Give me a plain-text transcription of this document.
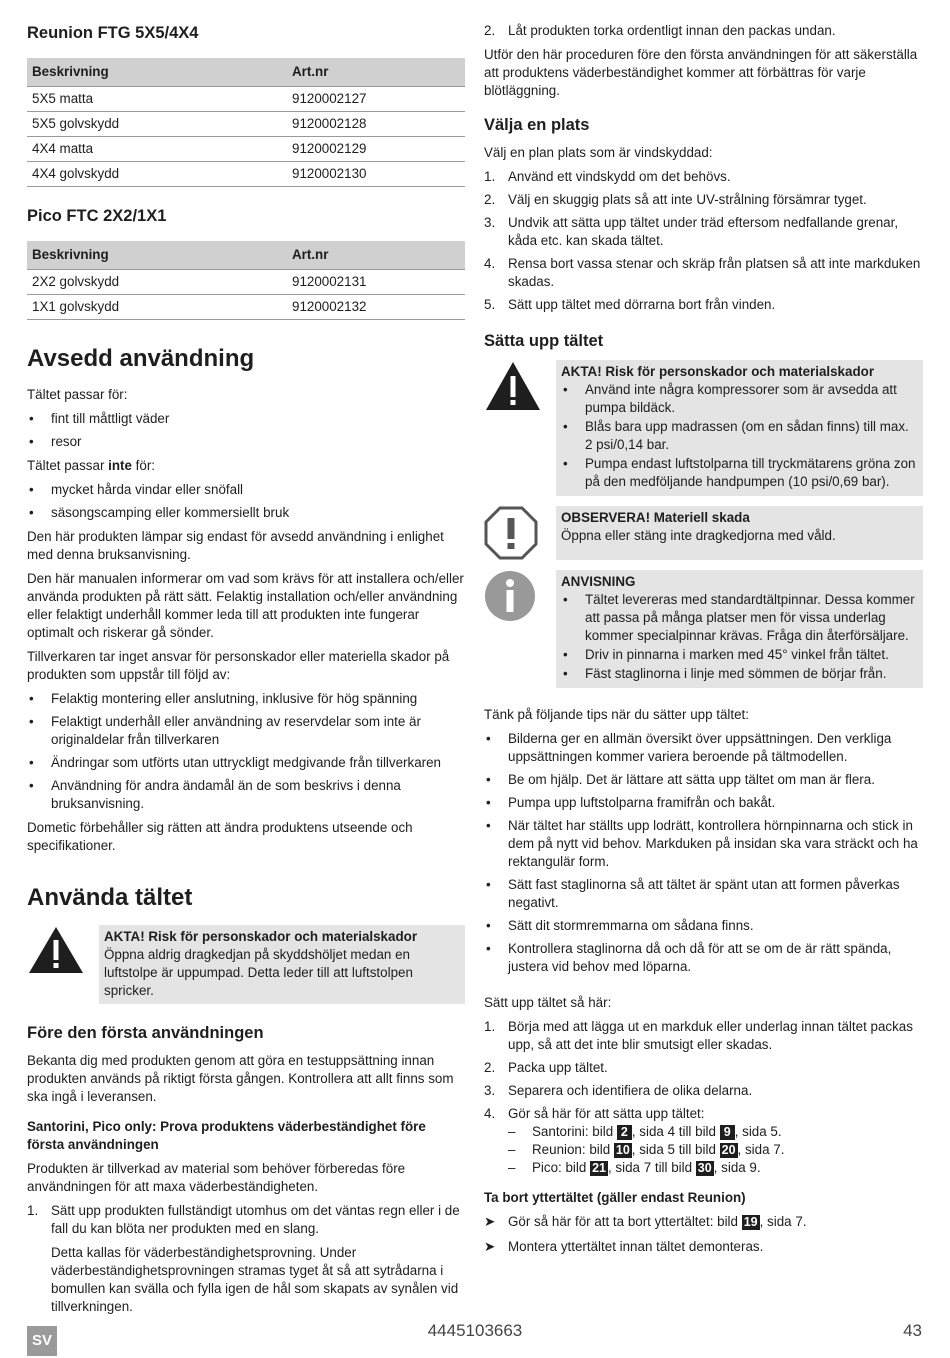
Reunion FTG 5X5/4X4
Beskrivning	Art.nr
5X5 matta	9120002127
5X5 golvskydd	9120002128
4X4 matta	9120002129
4X4 golvskydd	9120002130
Pico FTC 2X2/1X1
Beskrivning	Art.nr
2X2 golvskydd	9120002131
1X1 golvskydd	9120002132
Avsedd användning

Tältet passar för:

• fint till måttligt väder
• resor

Tältet passar inte för:

• mycket hårda vindar eller snöfall
• säsongscamping eller kommersiellt bruk

Den här produkten lämpar sig endast för avsedd användning i enlighet med denna bruksanvisning.

Den här manualen informerar om vad som krävs för att installera och/eller använda produkten på rätt sätt. Felaktig installation och/eller användning eller felaktigt underhåll kommer leda till att produkten inte fungerar optimalt och riskerar gå sönder.

Tillverkaren tar inget ansvar för personskador eller materiella skador på produkten som uppstår till följd av:

• Felaktig montering eller anslutning, inklusive för hög spänning
• Felaktigt underhåll eller användning av reservdelar som inte är originaldelar från tillverkaren
• Ändringar som utförts utan uttryckligt medgivande från tillverkaren
• Användning för andra ändamål än de som beskrivs i denna bruksanvisning.

Dometic förbehåller sig rätten att ändra produktens utseende och specifikationer.

Använda tältet
AKTA! Risk för personskador och materialskador
Öppna aldrig dragkedjan på skyddshöljet medan en luftstolpe är uppumpad. Detta leder till att luftstolpen spricker.
Före den första användningen

Bekanta dig med produkten genom att göra en testuppsättning innan produkten används på riktigt första gången. Kontrollera att allt finns som ska ingå i leveransen.

Santorini, Pico only: Prova produktens väderbeständighet före första användningen

Produkten är tillverkad av material som behöver förberedas före användningen för att maxa väderbeständigheten.

1. Sätt upp produkten fullständigt utomhus om det väntas regn eller i de fall du kan blöta ner produkten med en slang.
Detta kallas för väderbeständighetsprovning. Under väderbeständighetsprovningen stramas tyget åt så att sytrådarna i bomullen kan svälla och fylla igen de hål som skapats av synålen vid tillverkningen.
2. Låt produkten torka ordentligt innan den packas undan.

Utför den här proceduren före den första användningen för att säkerställa att produktens väderbeständighet kommer att förbättras för varje blötläggning.

Välja en plats

Välj en plan plats som är vindskyddad:

1. Använd ett vindskydd om det behövs.
2. Välj en skuggig plats så att inte UV-strålning försämrar tyget.
3. Undvik att sätta upp tältet under träd eftersom nedfallande grenar, kåda etc. kan skada tältet.
4. Rensa bort vassa stenar och skräp från platsen så att inte markduken skadas.
5. Sätt upp tältet med dörrarna bort från vinden.
Sätta upp tältet
AKTA! Risk för personskador och materialskador
• Använd inte några kompressorer som är avsedda att pumpa bildäck.
• Blås bara upp madrassen (om en sådan finns) till max. 2 psi/0,14 bar.
• Pumpa endast luftstolparna till tryckmätarens gröna zon på den medföljande handpumpen (10 psi/0,69 bar).
OBSERVERA! Materiell skada
Öppna eller stäng inte dragkedjorna med våld.
ANVISNING
• Tältet levereras med standardtältpinnar. Dessa kommer att passa på många platser men för vissa underlag kommer specialpinnar krävas. Fråga din återförsäljare.
• Driv in pinnarna i marken med 45° vinkel från tältet.
• Fäst staglinorna i linje med sömmen de börjar från.

Tänk på följande tips när du sätter upp tältet:

• Bilderna ger en allmän översikt över uppsättningen. Den verkliga uppsättningen kommer variera beroende på tältmodellen.
• Be om hjälp. Det är lättare att sätta upp tältet om man är flera.
• Pumpa upp luftstolparna framifrån och bakåt.
• När tältet har ställts upp lodrätt, kontrollera hörnpinnarna och stick in dem på nytt vid behov. Markduken på insidan ska vara sträckt och ha rektangulär form.
• Sätt fast staglinorna så att tältet är spänt utan att formen påverkas negativt.
• Sätt dit stormremmarna om sådana finns.
• Kontrollera staglinorna då och då för att se om de är rätt spända, justera vid behov med löparna.

Sätt upp tältet så här:

1. Börja med att lägga ut en markduk eller underlag innan tältet packas upp, så att det inte blir smutsigt eller skadas.
2. Packa upp tältet.
3. Separera och identifiera de olika delarna.
4. Gör så här för att sätta upp tältet:
– Santorini: bild 2 , sida 4 till bild 9 , sida 5.
– Reunion: bild 10 , sida 5 till bild 20 , sida 7.
– Pico: bild 21 , sida 7 till bild 30 , sida 9.
Ta bort yttertältet (gäller endast Reunion)
➤ Gör så här för att ta bort yttertältet: bild 19 , sida 7.
➤ Montera yttertältet innan tältet demonteras.
SV
4445103663	43
